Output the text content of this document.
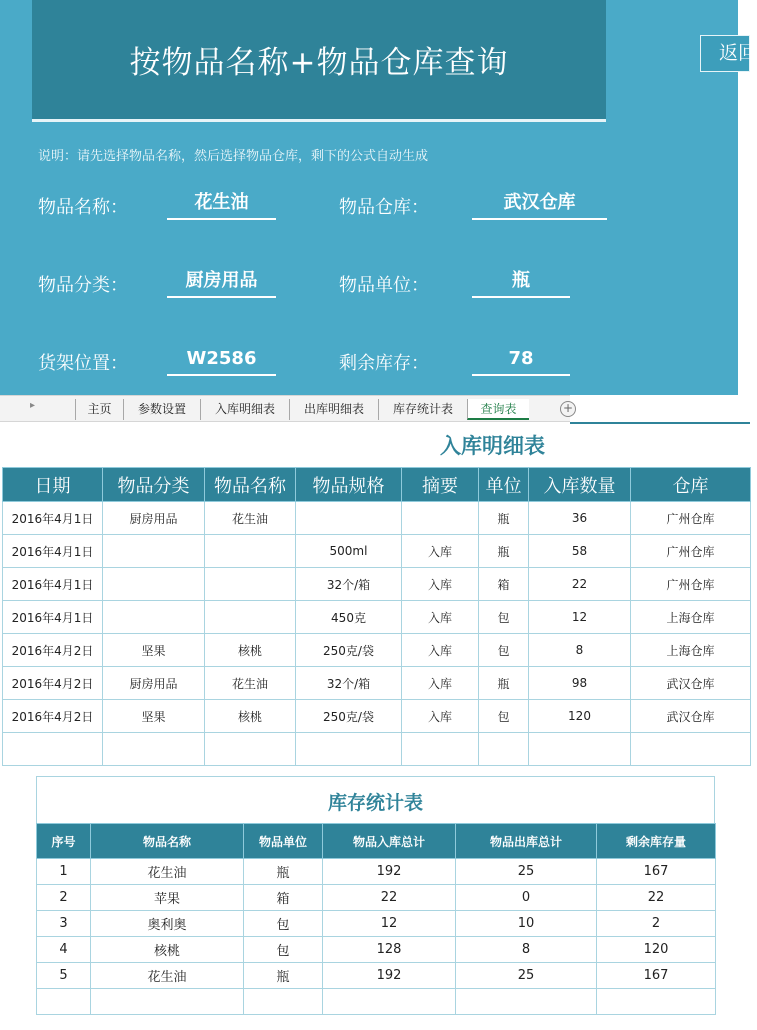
按物品名称+物品仓库查询
说明：请先选择物品名称，然后选择物品仓库，剩下的公式自动生成
物品名称：	花生油	物品仓库：	武汉仓库
物品分类：	厨房用品	物品单位：	瓶
货架位置：	W2586	剩余库存：	78
返回
▸	主页	参数设置	入库明细表	出库明细表	库存统计表	查询表	+
入库明细表
日期	物品分类	物品名称	物品规格	摘要	单位	入库数量	仓库
2016年4月1日	厨房用品	花生油			瓶	36	广州仓库
2016年4月1日			500ml	入库	瓶	58	广州仓库
2016年4月1日			32个/箱	入库	箱	22	广州仓库
2016年4月1日			450克	入库	包	12	上海仓库
2016年4月2日	坚果	核桃	250克/袋	入库	包	8	上海仓库
2016年4月2日	厨房用品	花生油	32个/箱	入库	瓶	98	武汉仓库
2016年4月2日	坚果	核桃	250克/袋	入库	包	120	武汉仓库

库存统计表
序号	物品名称	物品单位	物品入库总计	物品出库总计	剩余库存量
1	花生油	瓶	192	25	167
2	苹果	箱	22	0	22
3	奥利奥	包	12	10	2
4	核桃	包	128	8	120
5	花生油	瓶	192	25	167
